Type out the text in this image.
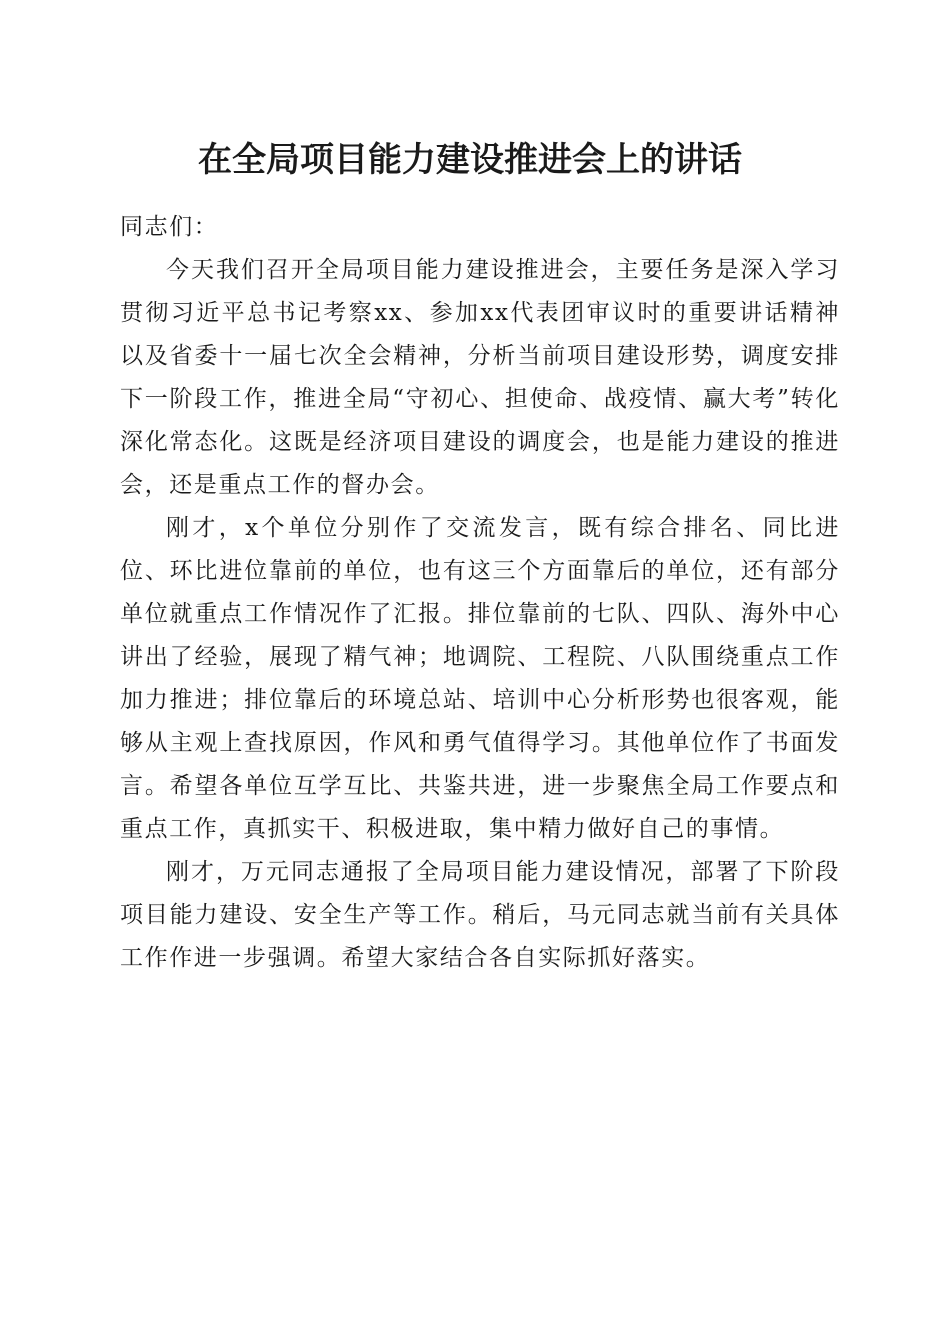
在全局项目能力建设推进会上的讲话

同志们：

今天我们召开全局项目能力建设推进会，主要任务是深入学习贯彻习近平总书记考察xx、参加xx代表团审议时的重要讲话精神以及省委十一届七次全会精神，分析当前项目建设形势，调度安排下一阶段工作，推进全局“守初心、担使命、战疫情、赢大考”转化深化常态化。这既是经济项目建设的调度会，也是能力建设的推进会，还是重点工作的督办会。

刚才，x个单位分别作了交流发言，既有综合排名、同比进位、环比进位靠前的单位，也有这三个方面靠后的单位，还有部分单位就重点工作情况作了汇报。排位靠前的七队、四队、海外中心讲出了经验，展现了精气神；地调院、工程院、八队围绕重点工作加力推进；排位靠后的环境总站、培训中心分析形势也很客观，能够从主观上查找原因，作风和勇气值得学习。其他单位作了书面发言。希望各单位互学互比、共鉴共进，进一步聚焦全局工作要点和重点工作，真抓实干、积极进取，集中精力做好自己的事情。

刚才，万元同志通报了全局项目能力建设情况，部署了下阶段项目能力建设、安全生产等工作。稍后，马元同志就当前有关具体工作作进一步强调。希望大家结合各自实际抓好落实。
